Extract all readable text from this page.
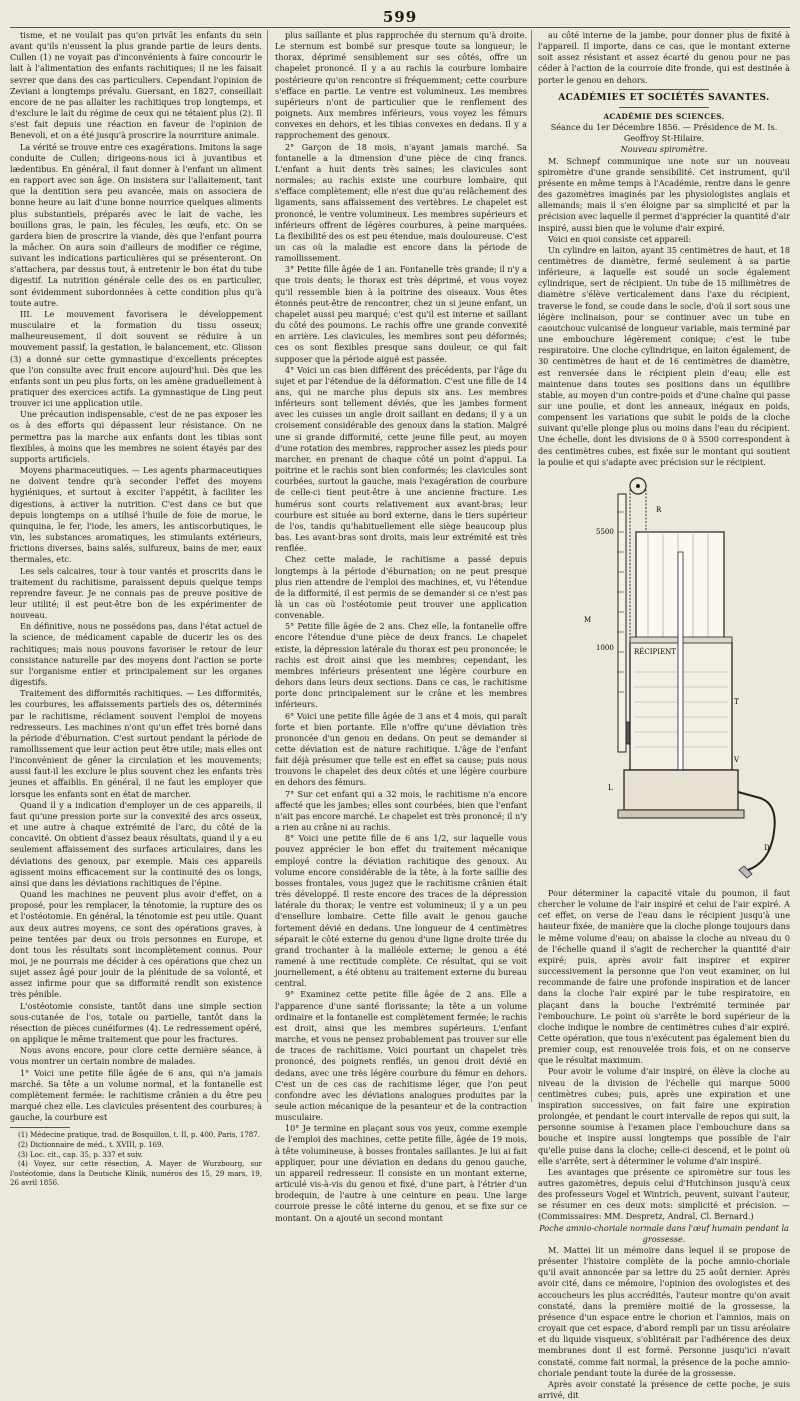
599

tisme, et ne voulait pas qu'on privât les enfants du sein avant qu'ils n'eussent la plus grande partie de leurs dents. Cullen (1) ne voyait pas d'inconvénients à faire concourir le lait à l'alimentation des enfants rachitiques; il ne les faisait sevrer que dans des cas particuliers. Cependant l'opinion de Zeviani a longtemps prévalu. Guersant, en 1827, conseillait encore de ne pas allaiter les rachitiques trop longtemps, et d'exclure le lait du régime de ceux qui ne tétaient plus (2). Il s'est fait depuis une réaction en faveur de l'opinion de Benevoli, et on a été jusqu'à proscrire la nourriture animale.

La vérité se trouve entre ces exagérations. Imitons la sage conduite de Cullen; dirigeons-nous ici à juvantibus et lædentibus. En général, il faut donner à l'enfant un aliment en rapport avec son âge. On insistera sur l'allaitement, tant que la dentition sera peu avancée, mais on associera de bonne heure au lait d'une bonne nourrice quelques aliments plus substantiels, préparés avec le lait de vache, les bouillons gras, le pain, les fécules, les œufs, etc. On se gardera bien de proscrire la viande, dès que l'enfant pourra la mâcher. On aura soin d'ailleurs de modifier ce régime, suivant les indications particulières qui se présenteront. On s'attachera, par dessus tout, à entretenir le bon état du tube digestif. La nutrition générale celle des os en particulier, sont évidemment subordonnées à cette condition plus qu'à toute autre.

III. Le mouvement favorisera le développement musculaire et la formation du tissu osseux; malheureusement, il doit souvent se réduire à un mouvement passif, la gestation, le balancement, etc. Glisson (3) a donné sur cette gymnastique d'excellents préceptes que l'on consulte avec fruit encore aujourd'hui. Dès que les enfants sont un peu plus forts, on les amène graduellement à pratiquer des exercices actifs. La gymnastique de Ling peut trouver ici une application utile.

Une précaution indispensable, c'est de ne pas exposer les os à des efforts qui dépassent leur résistance. On ne permettra pas la marche aux enfants dont les tibias sont flexibles, à moins que les membres ne soient étayés par des supports artificiels.

Moyens pharmaceutiques. — Les agents pharmaceutiques ne doivent tendre qu'à seconder l'effet des moyens hygiéniques, et surtout à exciter l'appétit, à faciliter les digestions, à activer la nutrition. C'est dans ce but que depuis longtemps on a utilisé l'huile de foie de morue, le quinquina, le fer, l'iode, les amers, les antiscorbutiques, le vin, les substances aromatiques, les stimulants extérieurs, frictions diverses, bains salés, sulfureux, bains de mer, eaux thermales, etc.

Les sels calcaires, tour à tour vantés et proscrits dans le traitement du rachitisme, paraissent depuis quelque temps reprendre faveur. Je ne connais pas de preuve positive de leur utilité; il est peut-être bon de les expérimenter de nouveau.

En définitive, nous ne possédons pas, dans l'état actuel de la science, de médicament capable de ducerir les os des rachitiques; mais nous pouvons favoriser le retour de leur consistance naturelle par des moyens dont l'action se porte sur l'organisme entier et principalement sur les organes digestifs.

Traitement des difformités rachitiques. — Les difformités, les courbures, les affaissements partiels des os, déterminés par le rachitisme, réclament souvent l'emploi de moyens redresseurs. Les machines n'ont qu'un effet très borné dans la période d'éburnation. C'est surtout pendant la période de ramollissement que leur action peut être utile; mais elles ont l'inconvénient de gêner la circulation et les mouvements; aussi faut-il les exclure le plus souvent chez les enfants très jeunes et affaiblis. En général, il ne faut les employer que lorsque les enfants sont en état de marcher.

Quand il y a indication d'employer un de ces appareils, il faut qu'une pression porte sur la convexité des arcs osseux, et une autre à chaque extrémité de l'arc, du côté de la concavité. On obtient d'assez beaux résultats, quand il y a eu seulement affaissement des surfaces articulaires, dans les déviations des genoux, par exemple. Mais ces appareils agissent moins efficacement sur la continuité des os longs, ainsi que dans les déviations rachitiques de l'épine.

Quand les machines ne peuvent plus avoir d'effet, on a proposé, pour les remplacer, la ténotomie, la rupture des os et l'ostéotomie. En général, la ténotomie est peu utile. Quant aux deux autres moyens, ce sont des opérations graves, à peine tentées par deux ou trois personnes en Europe, et dont tous les résultats sont incomplètement connus. Pour moi, je ne pourrais me décider à ces opérations que chez un sujet assez âgé pour jouir de la plénitude de sa volonté, et assez infirme pour que sa difformité rendît son existence très pénible.

L'ostéotomie consiste, tantôt dans une simple section sous-cutanée de l'os, totale ou partielle, tantôt dans la résection de pièces cunéiformes (4). Le redressement opéré, on applique le même traitement que pour les fractures.

Nous avons encore, pour clore cette dernière séance, à vous montrer un certain nombre de malades.

1° Voici une petite fille âgée de 6 ans, qui n'a jamais marché. Sa tête a un volume normal, et la fontanelle est complètement fermée: le rachitisme crânien a du être peu marqué chez elle. Les clavicules présentent des courbures; à gauche, la courbure est

(1) Médecine pratique, trad. de Bosquillon, t. II, p. 400, Paris, 1787.

(2) Dictionnaire de méd., t. XVIII, p. 169.

(3) Loc. cit., cap. 35, p. 337 et suiv.

(4) Voyez, sur cette résection, A. Mayer de Wurzbourg, sur l'ostéotomie, dans la Deutsche Klinik, numéros des 15, 29 mars, 19, 26 avril 1856.

plus saillante et plus rapprochée du sternum qu'à droite. Le sternum est bombé sur presque toute sa longueur; le thorax, déprimé sensiblement sur ses côtés, offre un chapelet prononcé. Il y a au rachis la courbure lombaire postérieure qu'on rencontre si fréquemment; cette courbure s'efface en partie. Le ventre est volumineux. Les membres supérieurs n'ont de particulier que le renflement des poignets. Aux membres inférieurs, vous voyez les fémurs convexes en dehors, et les tibias convexes en dedans. Il y a rapprochement des genoux.

2° Garçon de 18 mois, n'ayant jamais marché. Sa fontanelle a la dimension d'une pièce de cinq francs. L'enfant a huit dents très saines; les clavicules sont normales; au rachis existe une courbure lombaire, qui s'efface complètement; elle n'est due qu'au relâchement des ligaments, sans affaissement des vertèbres. Le chapelet est prononcé, le ventre volumineux. Les membres supérieurs et inférieurs offrent de légères courbures, à peine marquées. La flexibilité des os est peu étendue, mais douloureuse. C'est un cas où la maladie est encore dans la période de ramollissement.

3° Petite fille âgée de 1 an. Fontanelle très grande; il n'y a que trois dents; le thorax est très déprimé, et vous voyez qu'il ressemble bien à la poitrine des oiseaux. Vous êtes étonnés peut-être de rencontrer, chez un si jeune enfant, un chapelet aussi peu marqué; c'est qu'il est interne et saillant du côté des poumons. Le rachis offre une grande convexité en arrière. Les clavicules, les membres sont peu déformés; ces os sont flexibles presque sans douleur, ce qui fait supposer que la période aiguë est passée.

4° Voici un cas bien différent des précédents, par l'âge du sujet et par l'étendue de la déformation. C'est une fille de 14 ans, qui ne marche plus depuis six ans. Les membres inférieurs sont tellement déviés, que les jambes forment avec les cuisses un angle droit saillant en dedans; il y a un croisement considérable des genoux dans la station. Malgré une si grande difformité, cette jeune fille peut, au moyen d'une rotation des membres, rapprocher assez les pieds pour marcher, en prenant de chaque côté un point d'appui. La poitrine et le rachis sont bien conformés; les clavicules sont courbées, surtout la gauche, mais l'exagération de courbure de celle-ci tient peut-être à une ancienne fracture. Les humérus sont courts relativement aux avant-bras; leur courbure est située au bord externe, dans le tiers supérieur de l'os, tandis qu'habituellement elle siège beaucoup plus bas. Les avant-bras sont droits, mais leur extrémité est très renflée.

Chez cette malade, le rachitisme a passé depuis longtemps à la période d'éburnation; on ne peut presque plus rien attendre de l'emploi des machines, et, vu l'étendue de la difformité, il est permis de se demander si ce n'est pas là un cas où l'ostéotomie peut trouver une application convenable.

5° Petite fille âgée de 2 ans. Chez elle, la fontanelle offre encore l'étendue d'une pièce de deux francs. Le chapelet existe, la dépression latérale du thorax est peu prononcée; le rachis est droit ainsi que les membres; cependant, les membres inférieurs présentent une légère courbure en dehors dans leurs deux sections. Dans ce cas, le rachitisme porte donc principalement sur le crâne et les membres inférieurs.

6° Voici une petite fille âgée de 3 ans et 4 mois, qui paraît forte et bien portante. Elle n'offre qu'une déviation très prononcée d'un genou en dedans. On peut se demander si cette déviation est de nature rachitique. L'âge de l'enfant fait déjà présumer que telle est en effet sa cause; puis nous trouvons le chapelet des deux côtés et une légère courbure en dehors des fémurs.

7° Sur cet enfant qui a 32 mois, le rachitisme n'a encore affecté que les jambes; elles sont courbées, bien que l'enfant n'ait pas encore marché. Le chapelet est très prononcé; il n'y a rien au crâne ni au rachis.

8° Voici une petite fille de 6 ans 1/2, sur laquelle vous pouvez apprécier le bon effet du traitement mécanique employé contre la déviation rachitique des genoux. Au volume encore considérable de la tête, à la forte saillie des bosses frontales, vous jugez que le rachitisme crânien était très développé. Il reste encore des traces de la dépression latérale du thorax; le ventre est volumineux; il y a un peu d'ensellure lombaire. Cette fille avait le genou gauche fortement dévié en dedans. Une longueur de 4 centimètres séparait le côté externe du genou d'une ligne droite tirée du grand trochanter à la malléole externe; le genou a été ramené à une rectitude complète. Ce résultat, qui se voit journellement, a été obtenu au traitement externe du bureau central.

9° Examinez cette petite fille âgée de 2 ans. Elle a l'apparence d'une santé florissante; la tête a un volume ordinaire et la fontanelle est complètement fermée; le rachis est droit, ainsi que les membres supérieurs. L'enfant marche, et vous ne pensez probablement pas trouver sur elle de traces de rachitisme. Voici pourtant un chapelet très prononcé, des poignets renflés, un genou droit dévié en dedans, avec une très légère courbure du fémur en dehors. C'est un de ces cas de rachitisme léger, que l'on peut confondre avec les déviations analogues produites par la seule action mécanique de la pesanteur et de la contraction musculaire.

10° Je termine en plaçant sous vos yeux, comme exemple de l'emploi des machines, cette petite fille, âgée de 19 mois, à tête volumineuse, à bosses frontales saillantes. Je lui ai fait appliquer, pour une déviation en dedans du genou gauche, un appareil redresseur. Il consiste en un montant externe, articulé vis-à-vis du genou et fixé, d'une part, à l'étrier d'un brodequin, de l'autre à une ceinture en peau. Une large courroie presse le côté interne du genou, et se fixe sur ce montant. On a ajouté un second montant

au côté interne de la jambe, pour donner plus de fixité à l'appareil. Il importe, dans ce cas, que le montant externe soit assez résistant et assez écarté du genou pour ne pas céder à l'action de la courroie dite fronde, qui est destinée à porter le genou en dehors.

ACADÉMIES ET SOCIÉTÉS SAVANTES.

ACADÉMIE DES SCIENCES.

Séance du 1er Décembre 1856. — Présidence de M. Is. Geoffroy St-Hilaire.

Nouveau spiromètre.

M. Schnepf communique une note sur un nouveau spiromètre d'une grande sensibilité. Cet instrument, qu'il présente en même temps à l'Académie, rentre dans le genre des gazomètres imaginés par les physiologistes anglais et allemands; mais il s'en éloigne par sa simplicité et par la précision avec laquelle il permet d'apprécier la quantité d'air inspiré, aussi bien que le volume d'air expiré.

Voici en quoi consiste cet appareil:

Un cylindre en laiton, ayant 35 centimètres de haut, et 18 centimètres de diamètre, fermé seulement à sa partie inférieure, a laquelle est soudé un socle également cylindrique, sert de récipient. Un tube de 15 millimètres de diamètre s'élève verticalement dans l'axe du récipient, traverse le fond, se coude dans le socle, d'où il sort sous une légère inclinaison, pour se continuer avec un tube en caoutchouc vulcanisé de longueur variable, mais terminé par une embouchure légèrement conique; c'est le tube respiratoire. Une cloche cylindrique, en laiton également, de 30 centimètres de haut et de 16 centimètres de diamètre, est renversée dans le récipient plein d'eau; elle est maintenue dans toutes ses positions dans un équilibre stable, au moyen d'un contre-poids et d'une chaîne qui passe sur une poulie, et dont les anneaux, inégaux en poids, compensent les variations que subit le poids de la cloche suivant qu'elle plonge plus ou moins dans l'eau du récipient. Une échelle, dont les divisions de 0 à 5500 correspondent à des centimètres cubes, est fixée sur le montant qui soutient la poulie et qui s'adapte avec précision sur le récipient.

5500
1000
M
RÉCIPIENT
R
T
V
L
D

Pour déterminer la capacité vitale du poumon, il faut chercher le volume de l'air inspiré et celui de l'air expiré. A cet effet, on verse de l'eau dans le récipient jusqu'à une hauteur fixée, de manière que la cloche plonge toujours dans le même volume d'eau; on abaisse la cloche au niveau du 0 de l'échelle quand il s'agit de rechercher la quantité d'air expiré; puis, après avoir fait inspirer et expirer successivement la personne que l'on veut examiner, on lui recommande de faire une profonde inspiration et de lancer dans la cloche l'air expiré par le tube respiratoire, en plaçant dans la bouche l'extrémité terminée par l'embouchure. Le point où s'arrête le bord supérieur de la cloche indique le nombre de centimètres cubes d'air expiré. Cette opération, que tous n'exécutent pas également bien du premier coup, est renouvelée trois fois, et on ne conserve que le résultat maximum.

Pour avoir le volume d'air inspiré, on élève la cloche au niveau de la division de l'échelle qui marque 5000 centimètres cubes; puis, après une expiration et une inspiration successives, on fait faire une expiration prolongée, et pendant le court intervalle de repos qui suit, la personne soumise à l'examen place l'embouchure dans sa bouche et inspire aussi longtemps que possible de l'air qu'elle puise dans la cloche; celle-ci descend, et le point où elle s'arrête, sert à déterminer le volume d'air inspiré.

Les avantages que présente ce spiromètre sur tous les autres gazomètres, depuis celui d'Hutchinson jusqu'à ceux des professeurs Vogel et Wintrich, peuvent, suivant l'auteur, se résumer en ces deux mots: simplicité et précision. — (Commissaires: MM. Despretz, Andral, Cl. Bernard.)

Poche amnio-choriale normale dans l'œuf humain pendant la grossesse.

M. Mattei lit un mémoire dans lequel il se propose de présenter l'histoire complète de la poche amnio-choriale qu'il avait annoncée par sa lettre du 25 août dernier. Après avoir cité, dans ce mémoire, l'opinion des ovologistes et des accoucheurs les plus accrédités, l'auteur montre qu'on avait constaté, dans la première moitié de la grossesse, la présence d'un espace entre le chorion et l'amnios, mais on croyait que cet espace, d'abord rempli par un tissu aréolaire et du liquide visqueux, s'oblitérait par l'adhérence des deux membranes dont il est formé. Personne jusqu'ici n'avait constaté, comme fait normal, la présence de la poche amnio-choriale pendant toute la durée de la grossesse.

Après avoir constaté la présence de cette poche, je suis arrivé, dit
